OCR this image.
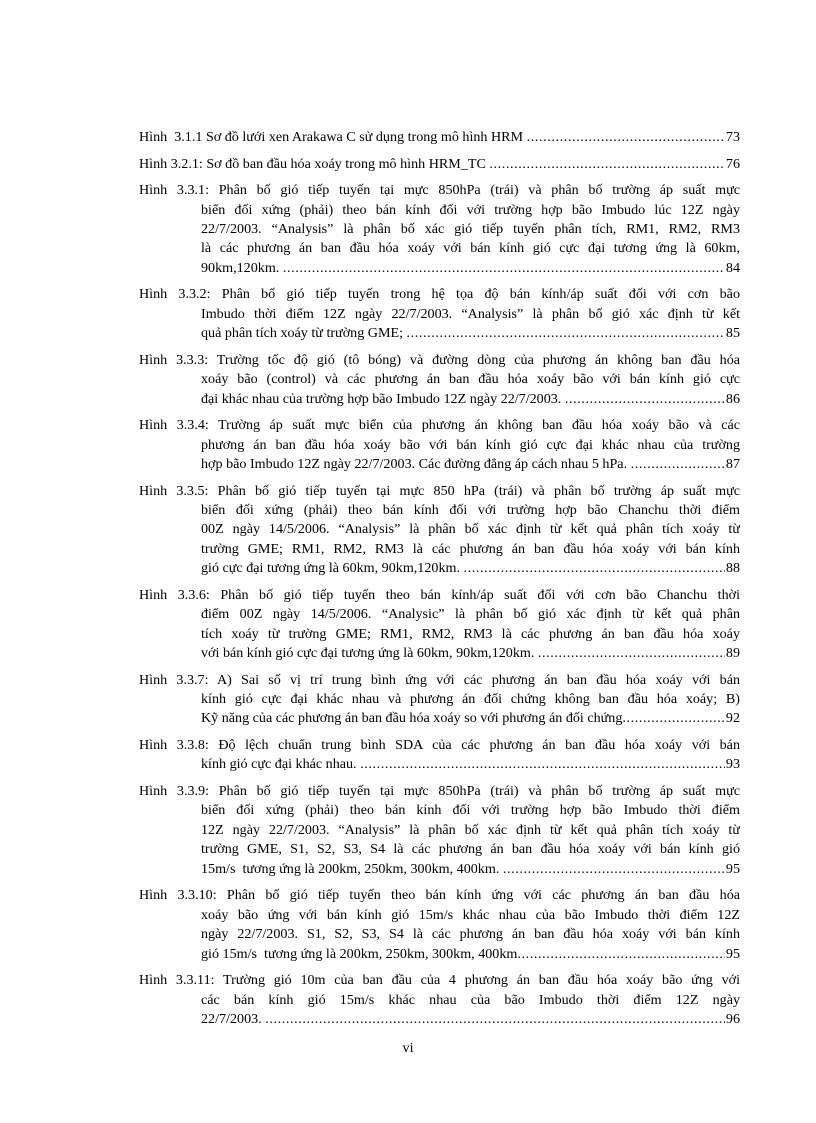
Hình  3.1.1 Sơ đồ lưới xen Arakawa C sử dụng trong mô hình HRM .....	73
Hình 3.2.1: Sơ đồ ban đầu hóa xoáy trong mô hình HRM_TC .....	76
Hình 3.3.1: Phân bố gió tiếp tuyến tại mực 850hPa (trái) và phân bố trường áp suất mực
biển đối xứng (phải) theo bán kính đối với trường hợp bão Imbudo lúc 12Z ngày
22/7/2003. “Analysis” là phân bố xác gió tiếp tuyến phân tích, RM1, RM2, RM3
là các phương án ban đầu hóa xoáy với bán kính gió cực đại tương ứng là 60km,
90km,120km. .....	84
Hình 3.3.2: Phân bố gió tiếp tuyến trong hệ tọa độ bán kính/áp suất đối với cơn bão
Imbudo thời điểm 12Z ngày 22/7/2003. “Analysis” là phân bố gió xác định từ kết
quả phân tích xoáy từ trường GME; .....	85
Hình 3.3.3: Trường tốc độ gió (tô bóng) và đường dòng của phương án không ban đầu hóa
xoáy bão (control) và các phương án ban đầu hóa xoáy bão với bán kính gió cực
đại khác nhau của trường hợp bão Imbudo 12Z ngày 22/7/2003. .....	86
Hình 3.3.4: Trường áp suất mực biển của phương án không ban đầu hóa xoáy bão và các
phương án ban đầu hóa xoáy bão với bán kính gió cực đại khác nhau của trường
hợp bão Imbudo 12Z ngày 22/7/2003. Các đường đẳng áp cách nhau 5 hPa. .....	87
Hình 3.3.5: Phân bố gió tiếp tuyến tại mực 850 hPa (trái) và phân bố trường áp suất mực
biển đối xứng (phải) theo bán kính đối với trường hợp bão Chanchu thời điểm
00Z ngày 14/5/2006. “Analysis” là phân bố xác định từ kết quả phân tích xoáy từ
trường GME; RM1, RM2, RM3 là các phương án ban đầu hóa xoáy với bán kính
gió cực đại tương ứng là 60km, 90km,120km. .....	88
Hình 3.3.6: Phân bố gió tiếp tuyến theo bán kính/áp suất đối với cơn bão Chanchu thời
điểm 00Z ngày 14/5/2006. “Analysic” là phân bố gió xác định từ kết quả phân
tích xoáy từ trường GME; RM1, RM2, RM3 là các phương án ban đầu hóa xoáy
với bán kính gió cực đại tương ứng là 60km, 90km,120km. .....	89
Hình 3.3.7: A) Sai số vị trí trung bình ứng với các phương án ban đầu hóa xoáy với bán
kính gió cực đại khác nhau và phương án đối chứng không ban đầu hóa xoáy; B)
Kỹ năng của các phương án ban đầu hóa xoáy so với phương án đối chứng .....	92
Hình 3.3.8: Độ lệch chuẩn trung bình SDA của các phương án ban đầu hóa xoáy với bán
kính gió cực đại khác nhau. .....	93
Hình 3.3.9: Phân bố gió tiếp tuyến tại mực 850hPa (trái) và phân bố trường áp suất mực
biển đối xứng (phải) theo bán kính đối với trường hợp bão Imbudo thời điểm
12Z ngày 22/7/2003. “Analysis” là phân bố xác định từ kết quả phân tích xoáy từ
trường GME, S1, S2, S3, S4 là các phương án ban đầu hóa xoáy với bán kính gió
15m/s  tương ứng là 200km, 250km, 300km, 400km. .....	95
Hình 3.3.10: Phân bố gió tiếp tuyến theo bán kính ứng với các phương án ban đầu hóa
xoáy bão ứng với bán kính gió 15m/s khác nhau của bão Imbudo thời điểm 12Z
ngày 22/7/2003. S1, S2, S3, S4 là các phương án ban đầu hóa xoáy với bán kính
gió 15m/s  tương ứng là 200km, 250km, 300km, 400km .....	95
Hình 3.3.11: Trường gió 10m của ban đầu của 4 phương án ban đầu hóa xoáy bão ứng với
các bán kính gió 15m/s khác nhau của bão Imbudo thời điểm 12Z ngày
22/7/2003. .....	96
vi
